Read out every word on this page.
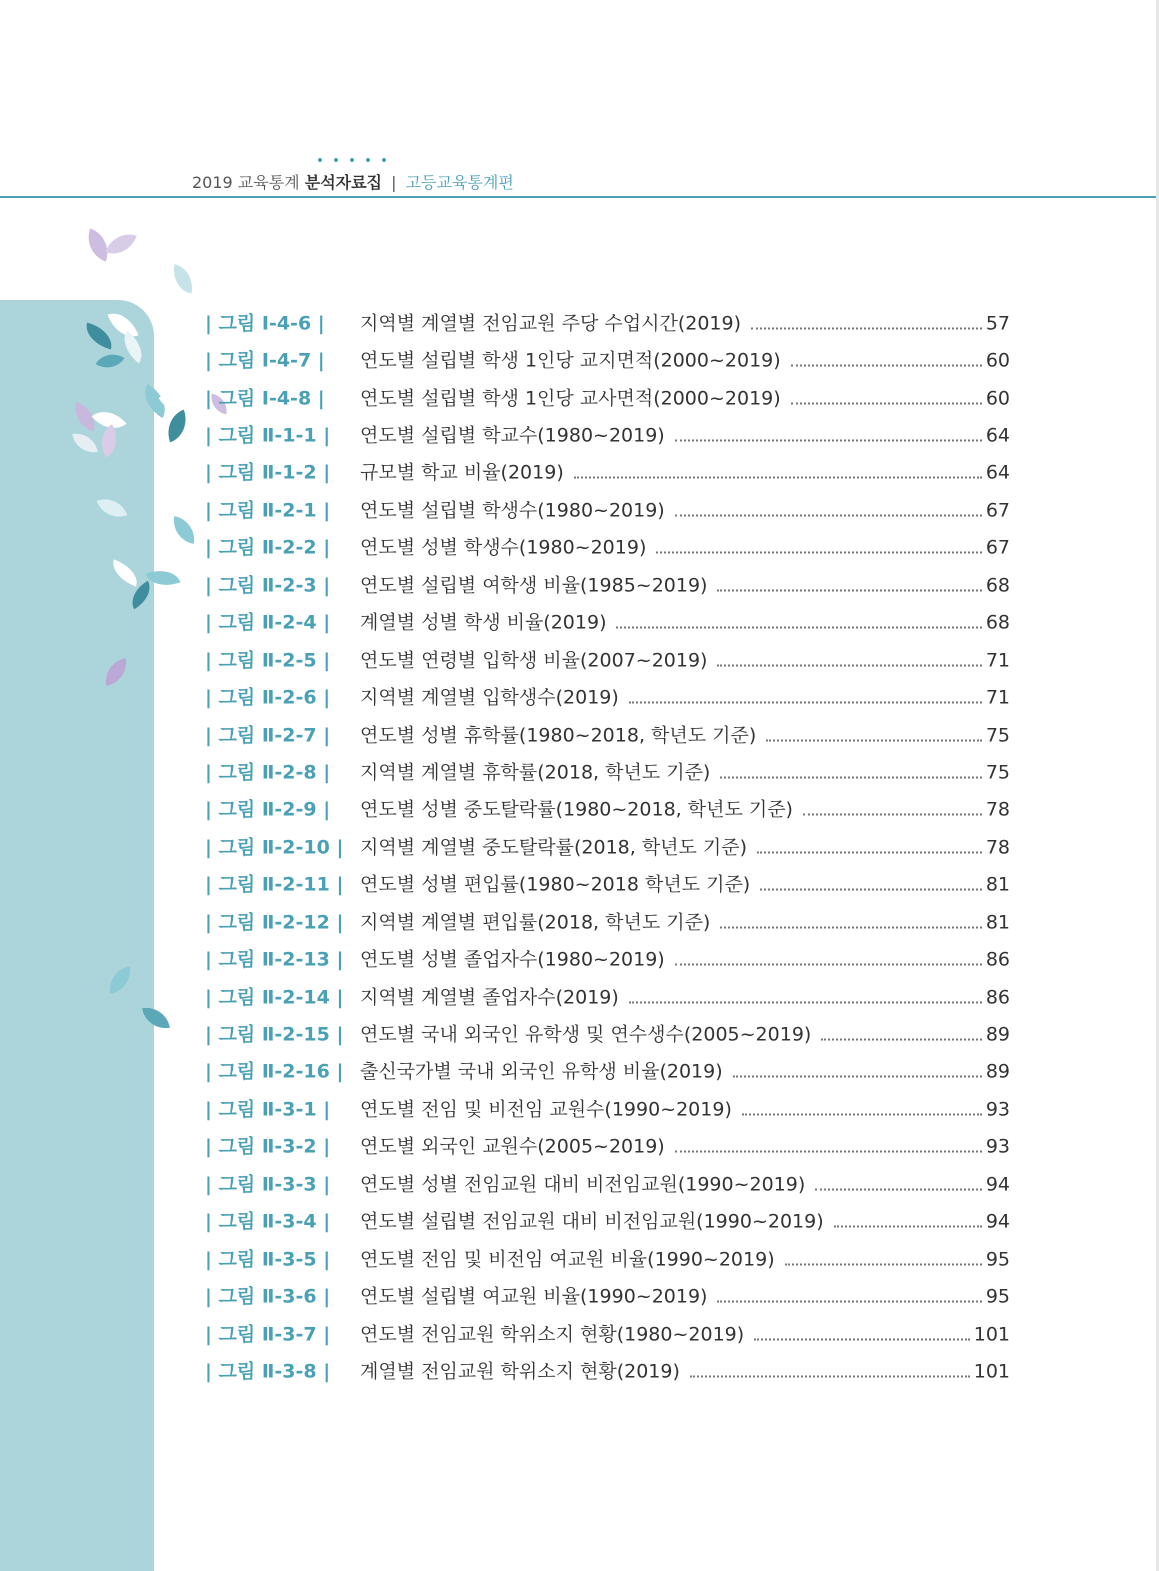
2019 교육통계 분석자료집 | 고등교육통계편
| 그림 Ⅰ-4-6 | 지역별 계열별 전임교원 주당 수업시간(2019)	57
| 그림 Ⅰ-4-7 | 연도별 설립별 학생 1인당 교지면적(2000~2019)	60
| 그림 Ⅰ-4-8 | 연도별 설립별 학생 1인당 교사면적(2000~2019)	60
| 그림 Ⅱ-1-1 | 연도별 설립별 학교수(1980~2019)	64
| 그림 Ⅱ-1-2 | 규모별 학교 비율(2019)	64
| 그림 Ⅱ-2-1 | 연도별 설립별 학생수(1980~2019)	67
| 그림 Ⅱ-2-2 | 연도별 성별 학생수(1980~2019)	67
| 그림 Ⅱ-2-3 | 연도별 설립별 여학생 비율(1985~2019)	68
| 그림 Ⅱ-2-4 | 계열별 성별 학생 비율(2019)	68
| 그림 Ⅱ-2-5 | 연도별 연령별 입학생 비율(2007~2019)	71
| 그림 Ⅱ-2-6 | 지역별 계열별 입학생수(2019)	71
| 그림 Ⅱ-2-7 | 연도별 성별 휴학률(1980~2018, 학년도 기준)	75
| 그림 Ⅱ-2-8 | 지역별 계열별 휴학률(2018, 학년도 기준)	75
| 그림 Ⅱ-2-9 | 연도별 성별 중도탈락률(1980~2018, 학년도 기준)	78
| 그림 Ⅱ-2-10 | 지역별 계열별 중도탈락률(2018, 학년도 기준)	78
| 그림 Ⅱ-2-11 | 연도별 성별 편입률(1980~2018 학년도 기준)	81
| 그림 Ⅱ-2-12 | 지역별 계열별 편입률(2018, 학년도 기준)	81
| 그림 Ⅱ-2-13 | 연도별 성별 졸업자수(1980~2019)	86
| 그림 Ⅱ-2-14 | 지역별 계열별 졸업자수(2019)	86
| 그림 Ⅱ-2-15 | 연도별 국내 외국인 유학생 및 연수생수(2005~2019)	89
| 그림 Ⅱ-2-16 | 출신국가별 국내 외국인 유학생 비율(2019)	89
| 그림 Ⅱ-3-1 | 연도별 전임 및 비전임 교원수(1990~2019)	93
| 그림 Ⅱ-3-2 | 연도별 외국인 교원수(2005~2019)	93
| 그림 Ⅱ-3-3 | 연도별 성별 전임교원 대비 비전임교원(1990~2019)	94
| 그림 Ⅱ-3-4 | 연도별 설립별 전임교원 대비 비전임교원(1990~2019)	94
| 그림 Ⅱ-3-5 | 연도별 전임 및 비전임 여교원 비율(1990~2019)	95
| 그림 Ⅱ-3-6 | 연도별 설립별 여교원 비율(1990~2019)	95
| 그림 Ⅱ-3-7 | 연도별 전임교원 학위소지 현황(1980~2019)	101
| 그림 Ⅱ-3-8 | 계열별 전임교원 학위소지 현황(2019)	101
